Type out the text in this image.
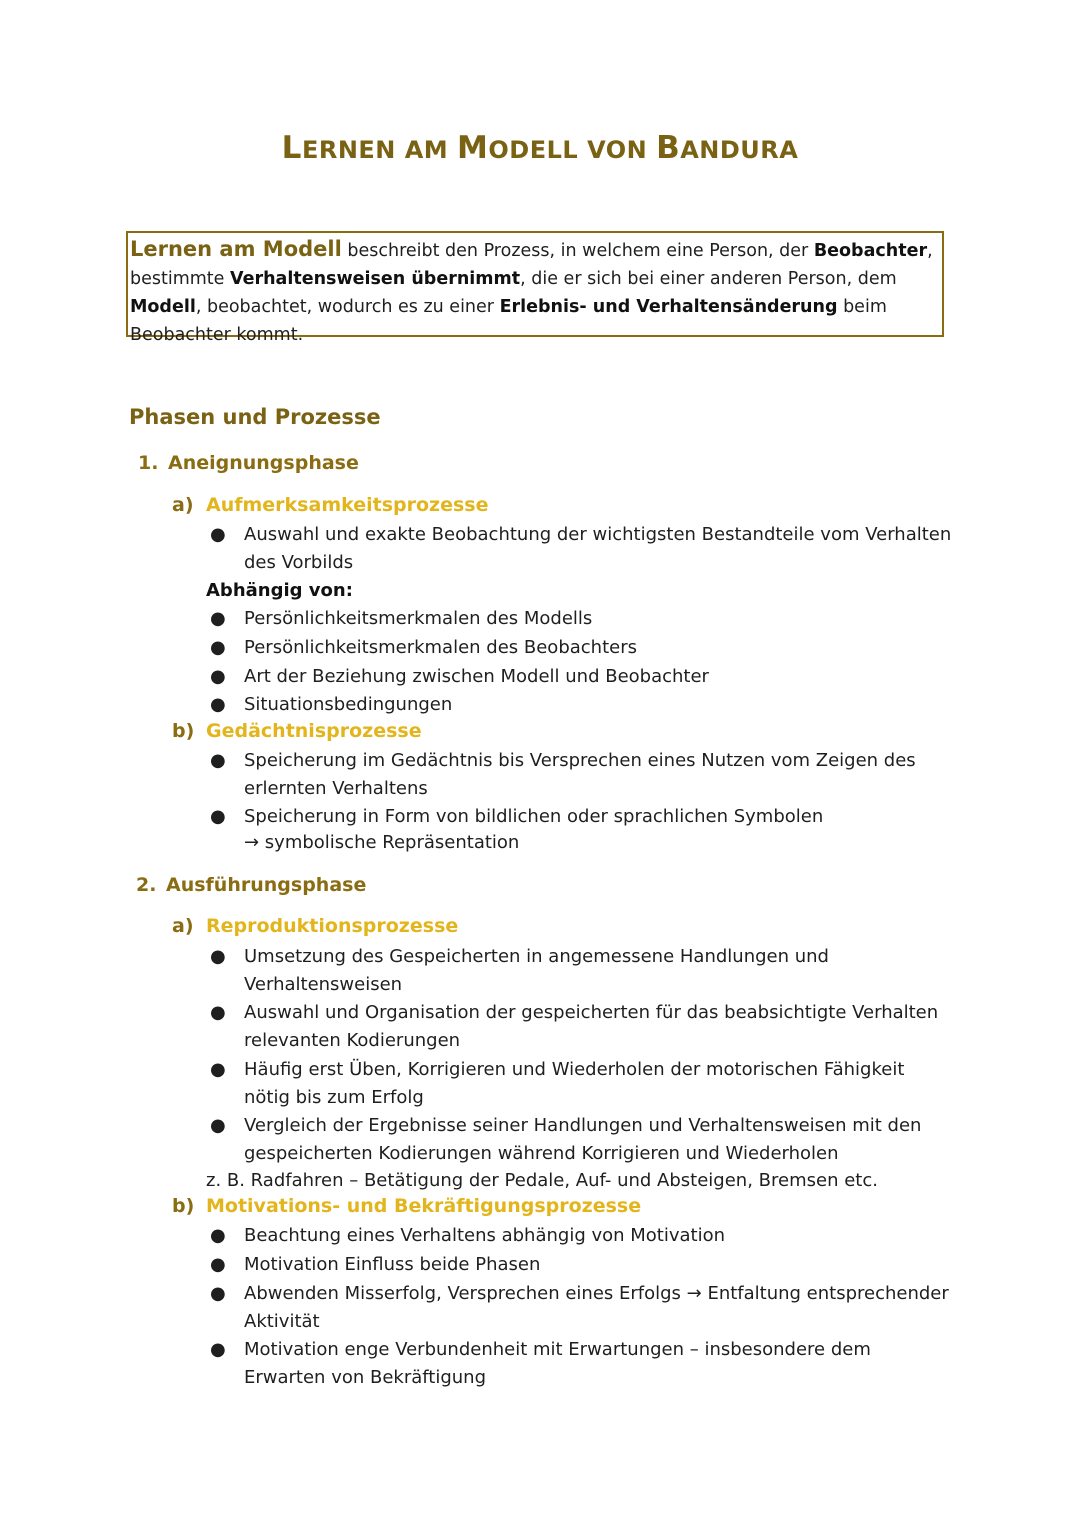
LERNEN AM MODELL VON BANDURA
Lernen am Modell beschreibt den Prozess, in welchem eine Person, der Beobachter, bestimmte Verhaltensweisen übernimmt, die er sich bei einer anderen Person, dem Modell, beobachtet, wodurch es zu einer Erlebnis- und Verhaltensänderung beim Beobachter kommt.
Phasen und Prozesse
1. Aneignungsphase
a) Aufmerksamkeitsprozesse
●	Auswahl und exakte Beobachtung der wichtigsten Bestandteile vom Verhalten des Vorbilds
Abhängig von:
●	Persönlichkeitsmerkmalen des Modells
●	Persönlichkeitsmerkmalen des Beobachters
●	Art der Beziehung zwischen Modell und Beobachter
●	Situationsbedingungen
b) Gedächtnisprozesse
●	Speicherung im Gedächtnis bis Versprechen eines Nutzen vom Zeigen des erlernten Verhaltens
●	Speicherung in Form von bildlichen oder sprachlichen Symbolen
→ symbolische Repräsentation
2. Ausführungsphase
a) Reproduktionsprozesse
●	Umsetzung des Gespeicherten in angemessene Handlungen und Verhaltensweisen
●	Auswahl und Organisation der gespeicherten für das beabsichtigte Verhalten relevanten Kodierungen
●	Häufig erst Üben, Korrigieren und Wiederholen der motorischen Fähigkeit nötig bis zum Erfolg
●	Vergleich der Ergebnisse seiner Handlungen und Verhaltensweisen mit den gespeicherten Kodierungen während Korrigieren und Wiederholen
z. B. Radfahren – Betätigung der Pedale, Auf- und Absteigen, Bremsen etc.
b) Motivations- und Bekräftigungsprozesse
●	Beachtung eines Verhaltens abhängig von Motivation
●	Motivation Einfluss beide Phasen
●	Abwenden Misserfolg, Versprechen eines Erfolgs → Entfaltung entsprechender Aktivität
●	Motivation enge Verbundenheit mit Erwartungen – insbesondere dem Erwarten von Bekräftigung
